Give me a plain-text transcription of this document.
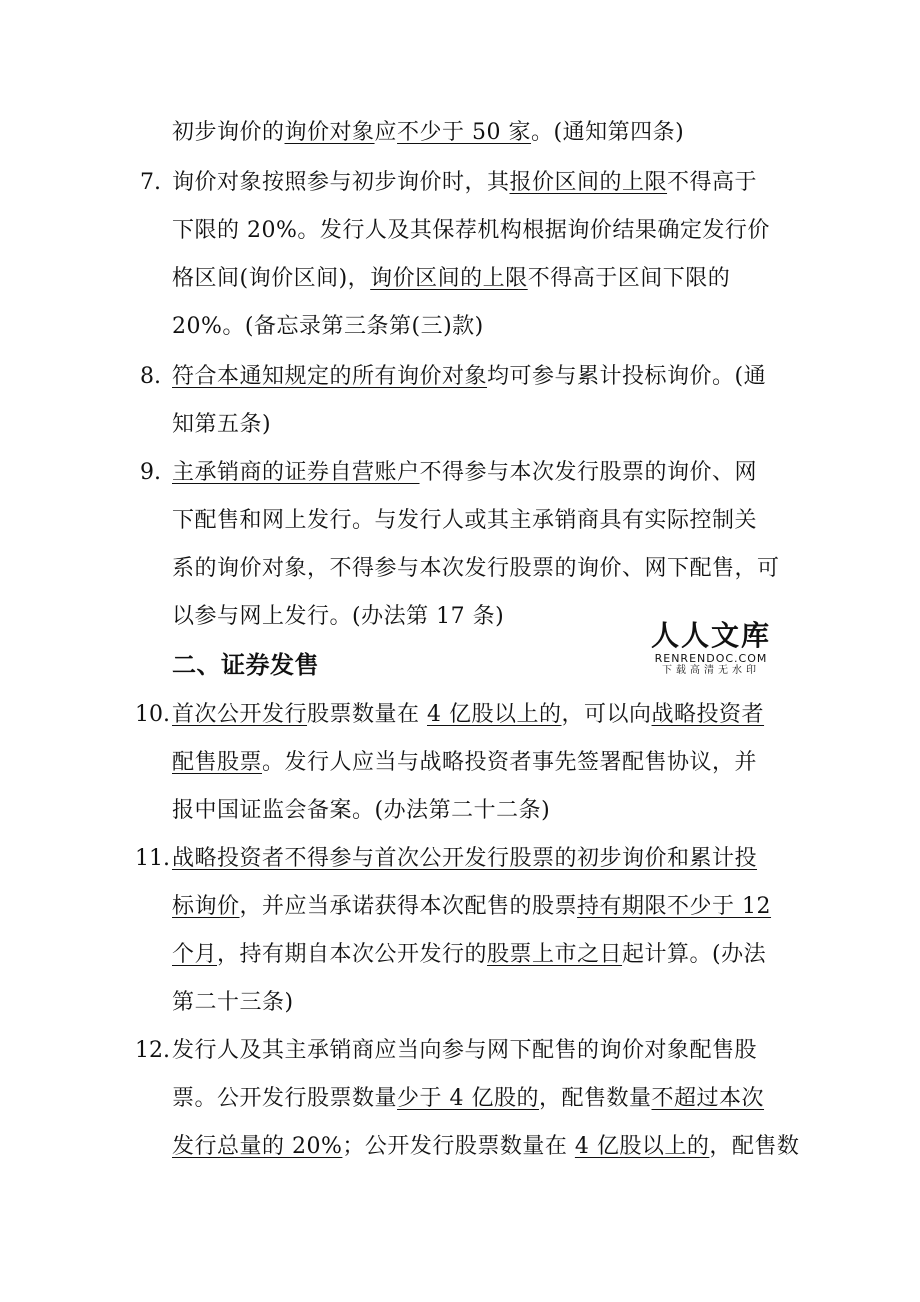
初步询价的询价对象应不少于 50 家。(通知第四条)
7. 询价对象按照参与初步询价时，其报价区间的上限不得高于
下限的 20%。发行人及其保荐机构根据询价结果确定发行价
格区间(询价区间)，询价区间的上限不得高于区间下限的
20%。(备忘录第三条第(三)款)
8. 符合本通知规定的所有询价对象均可参与累计投标询价。(通
知第五条)
9. 主承销商的证券自营账户不得参与本次发行股票的询价、网
下配售和网上发行。与发行人或其主承销商具有实际控制关
系的询价对象，不得参与本次发行股票的询价、网下配售，可
以参与网上发行。(办法第 17 条)
二、证券发售
人人文库
RENRENDOC.COM
下载高清无水印
10. 首次公开发行股票数量在 4 亿股以上的，可以向战略投资者
配售股票。发行人应当与战略投资者事先签署配售协议，并
报中国证监会备案。(办法第二十二条)
11. 战略投资者不得参与首次公开发行股票的初步询价和累计投
标询价，并应当承诺获得本次配售的股票持有期限不少于 12
个月，持有期自本次公开发行的股票上市之日起计算。(办法
第二十三条)
12. 发行人及其主承销商应当向参与网下配售的询价对象配售股
票。公开发行股票数量少于 4 亿股的，配售数量不超过本次
发行总量的 20%；公开发行股票数量在 4 亿股以上的，配售数
